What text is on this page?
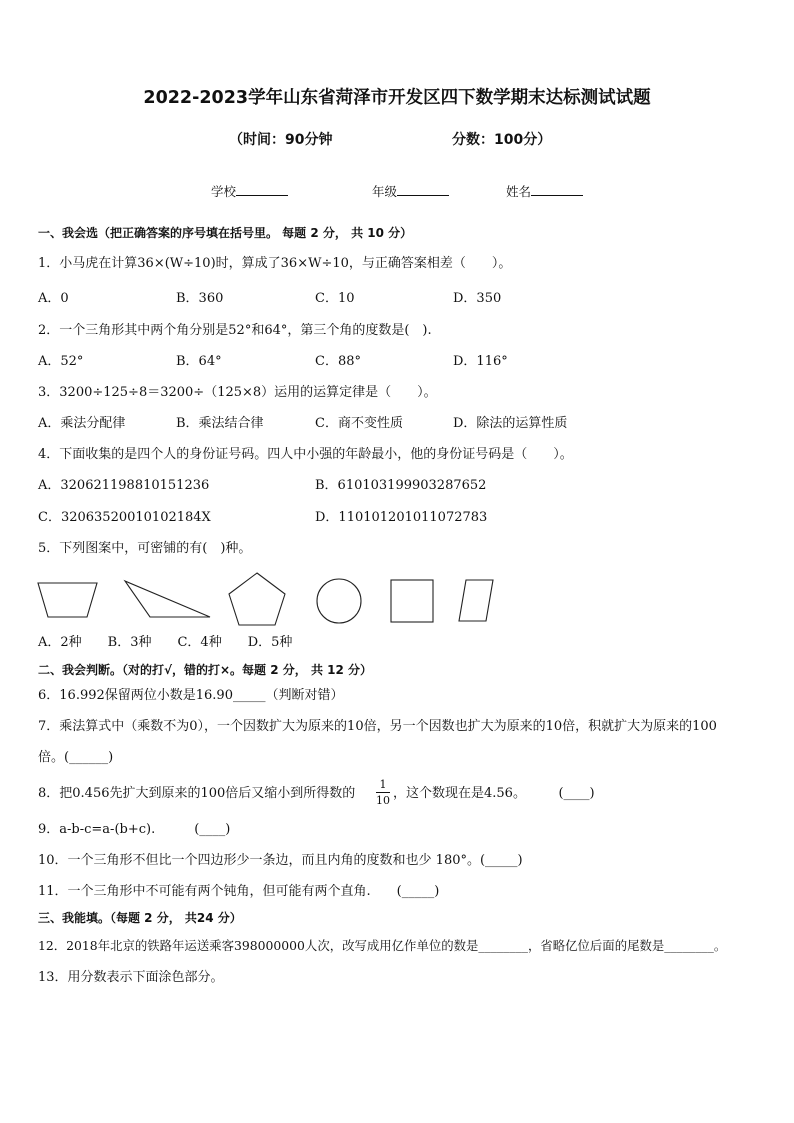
2022-2023学年山东省菏泽市开发区四下数学期末达标测试试题
（时间：90分钟	分数：100分）
学校	年级	姓名
一、我会选（把正确答案的序号填在括号里。 每题 2 分， 共 10 分）
1．小马虎在计算36×(W÷10)时，算成了36×W÷10，与正确答案相差（　　）。
A．0	B．360	C．10	D．350
2．一个三角形其中两个角分别是52°和64°，第三个角的度数是(　).
A．52°	B．64°	C．88°	D．116°
3．3200÷125÷8＝3200÷（125×8）运用的运算定律是（　　）。
A．乘法分配律	B．乘法结合律	C．商不变性质	D．除法的运算性质
4．下面收集的是四个人的身份证号码。四人中小强的年龄最小，他的身份证号码是（　　）。
A．320621198810151236	B．610103199903287652
C．32063520010102184X	D．110101201011072783
5．下列图案中，可密铺的有(　)种。
A．2种　　B．3种　　C．4种　　D．5种
二、我会判断。（对的打√，错的打×。每题 2 分， 共 12 分）
6．16.992保留两位小数是16.90_____（判断对错）
7．乘法算式中（乘数不为0），一个因数扩大为原来的10倍，另一个因数也扩大为原来的10倍，积就扩大为原来的100
倍。(______)
8．把0.456先扩大到原来的100倍后又缩小到所得数的
1
10 ，这个数现在是4.56。　　　(____)
9．a-b-c=a-(b+c).　　　(____)
10．一个三角形不但比一个四边形少一条边，而且内角的度数和也少 180°。(_____)
11．一个三角形中不可能有两个钝角，但可能有两个直角.　　(_____)
三、我能填。（每题 2 分， 共24 分）
12．2018年北京的铁路年运送乘客398000000人次，改写成用亿作单位的数是________，省略亿位后面的尾数是________。
13．用分数表示下面涂色部分。
